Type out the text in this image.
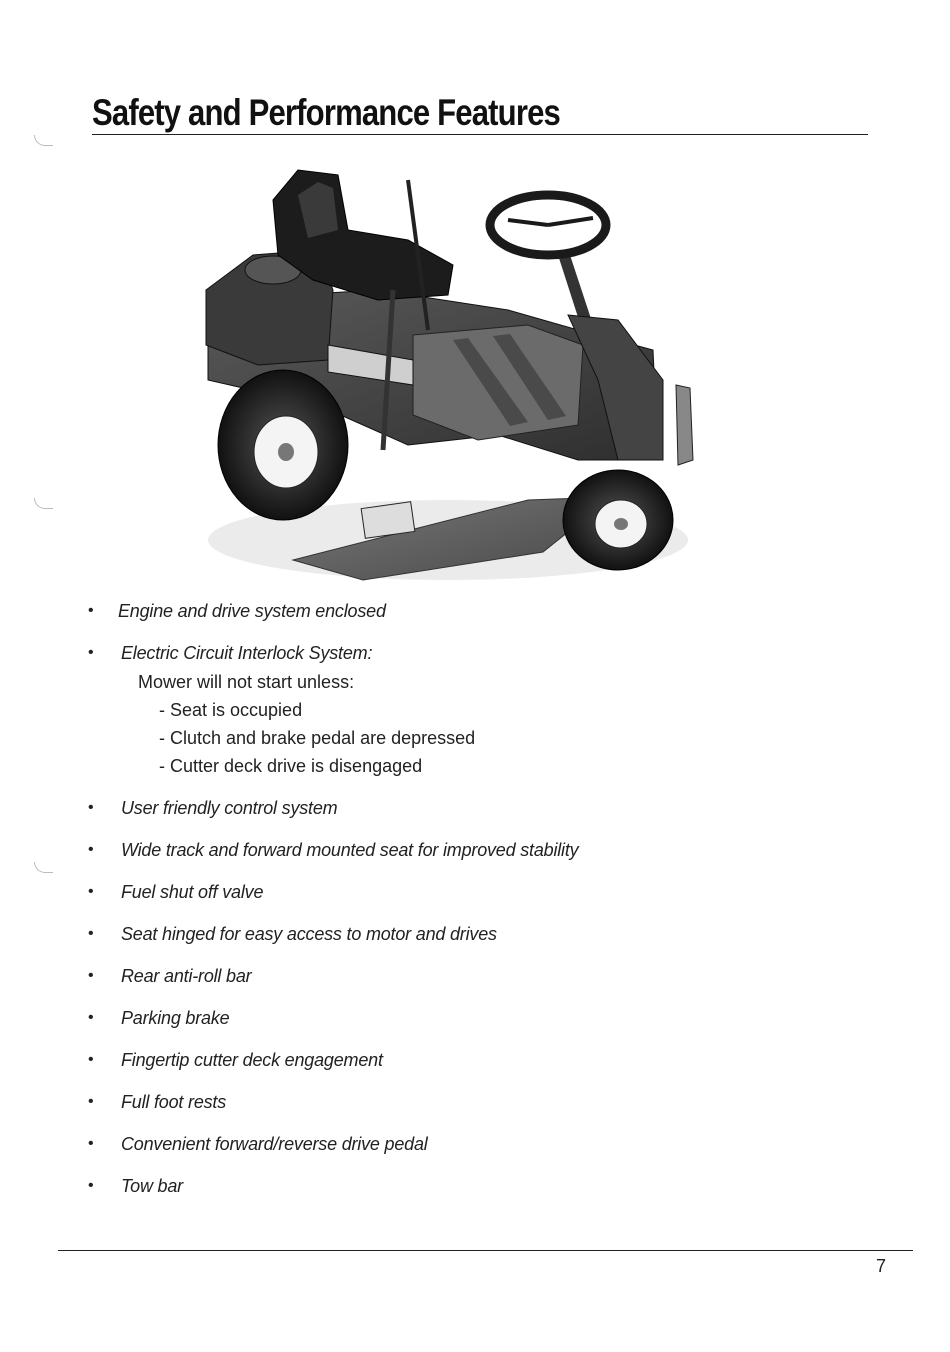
Safety and Performance Features
•	Engine and drive system enclosed
•	Electric Circuit Interlock System:
Mower will not start unless:
- Seat is occupied
- Clutch and brake pedal are depressed
- Cutter deck drive is disengaged
•	User friendly control system
•	Wide track and forward mounted seat for improved stability
•	Fuel shut off valve
•	Seat hinged for easy access to motor and drives
•	Rear anti-roll bar
•	Parking brake
•	Fingertip cutter deck engagement
•	Full foot rests
•	Convenient forward/reverse drive pedal
•	Tow bar
7
